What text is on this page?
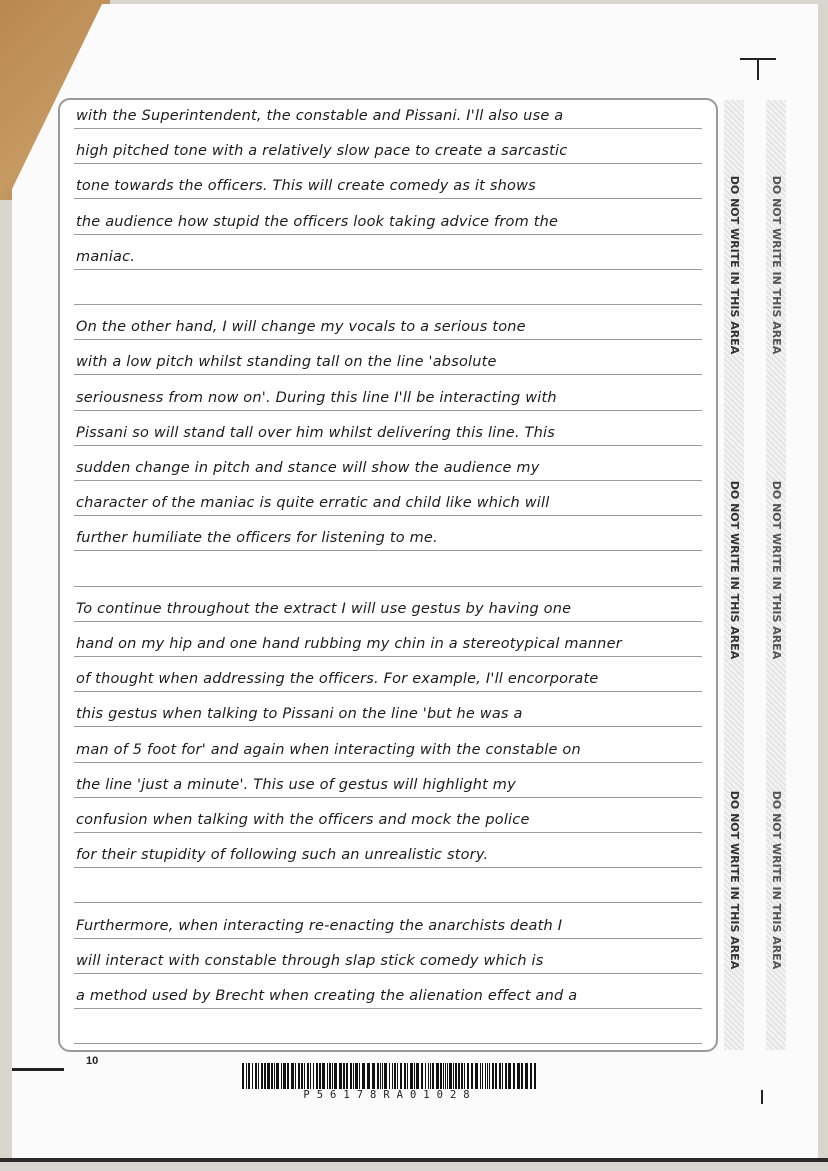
with the Superintendent, the constable and Pissani. I'll also use a
high pitched tone with a relatively slow pace to create a sarcastic
tone towards the officers. This will create comedy as it shows
the audience how stupid the officers look taking advice from the
maniac.
On the other hand, I will change my vocals to a serious tone
with a low pitch whilst standing tall on the line 'absolute
seriousness from now on'. During this line I'll be interacting with
Pissani so will stand tall over him whilst delivering this line. This
sudden change in pitch and stance will show the audience my
character of the maniac is quite erratic and child like which will
further humiliate the officers for listening to me.
To continue throughout the extract I will use gestus by having one
hand on my hip and one hand rubbing my chin in a stereotypical manner
of thought when addressing the officers. For example, I'll encorporate
this gestus when talking to Pissani on the line 'but he was a
man of 5 foot for' and again when interacting with the constable on
the line 'just a minute'. This use of gestus will highlight my
confusion when talking with the officers and mock the police
for their stupidity of following such an unrealistic story.
Furthermore, when interacting re-enacting the anarchists death I
will interact with constable through slap stick comedy which is
a method used by Brecht when creating the alienation effect and a
DO NOT WRITE IN THIS AREA
DO NOT WRITE IN THIS AREA
DO NOT WRITE IN THIS AREA
DO NOT WRITE IN THIS AREA
DO NOT WRITE IN THIS AREA
DO NOT WRITE IN THIS AREA
10
P56178RA01028
